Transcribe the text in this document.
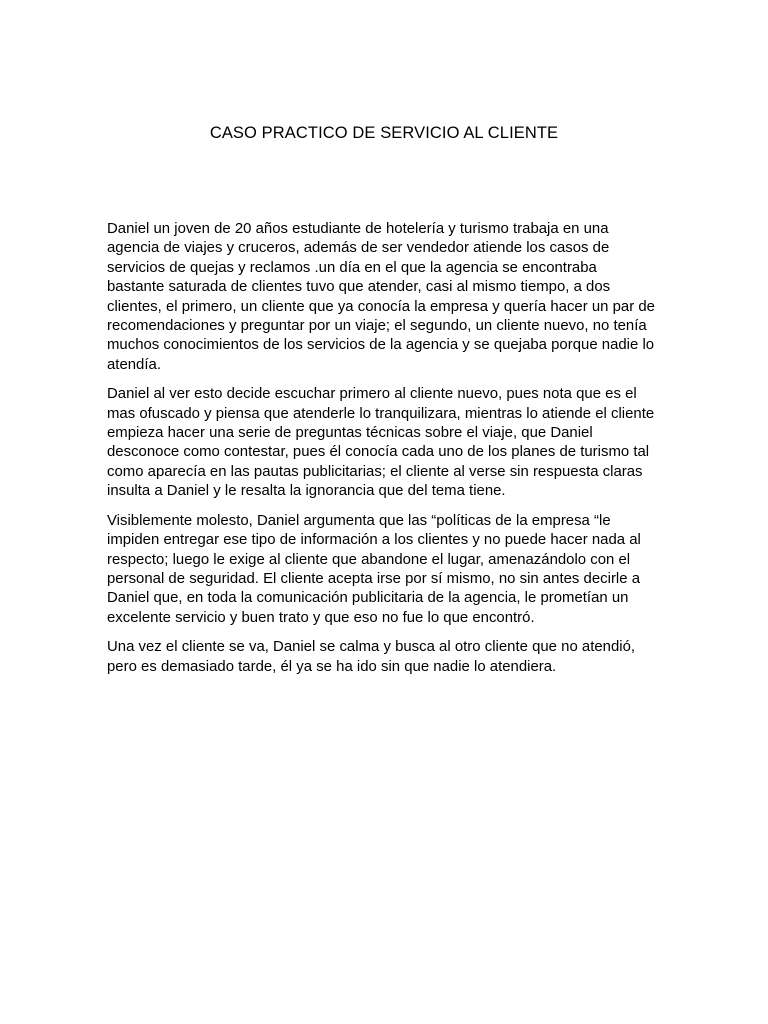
CASO PRACTICO DE SERVICIO AL CLIENTE

Daniel un joven de 20 años estudiante de hotelería y turismo trabaja en una
agencia de viajes y cruceros, además de ser vendedor atiende los casos de
servicios de quejas y reclamos .un día en el que la agencia se encontraba
bastante saturada de clientes tuvo que atender, casi al mismo tiempo, a dos
clientes, el primero, un cliente que ya conocía la empresa y quería hacer un par de
recomendaciones y preguntar por un viaje; el segundo, un cliente nuevo, no tenía
muchos conocimientos de los servicios de la agencia y se quejaba porque nadie lo
atendía.

Daniel al ver esto decide escuchar primero al cliente nuevo, pues nota que es el
mas ofuscado y piensa que atenderle lo tranquilizara, mientras lo atiende el cliente
empieza hacer una serie de preguntas técnicas sobre el viaje, que Daniel
desconoce como contestar, pues él conocía cada uno de los planes de turismo tal
como aparecía en las pautas publicitarias; el cliente al verse sin respuesta claras
insulta a Daniel y le resalta la ignorancia que del tema tiene.

Visiblemente molesto, Daniel argumenta que las “políticas de la empresa “le
impiden entregar ese tipo de información a los clientes y no puede hacer nada al
respecto; luego le exige al cliente que abandone el lugar, amenazándolo con el
personal de seguridad. El cliente acepta irse por sí mismo, no sin antes decirle a
Daniel que, en toda la comunicación publicitaria de la agencia, le prometían un
excelente servicio y buen trato y que eso no fue lo que encontró.

Una vez el cliente se va, Daniel se calma y busca al otro cliente que no atendió,
pero es demasiado tarde, él ya se ha ido sin que nadie lo atendiera.
